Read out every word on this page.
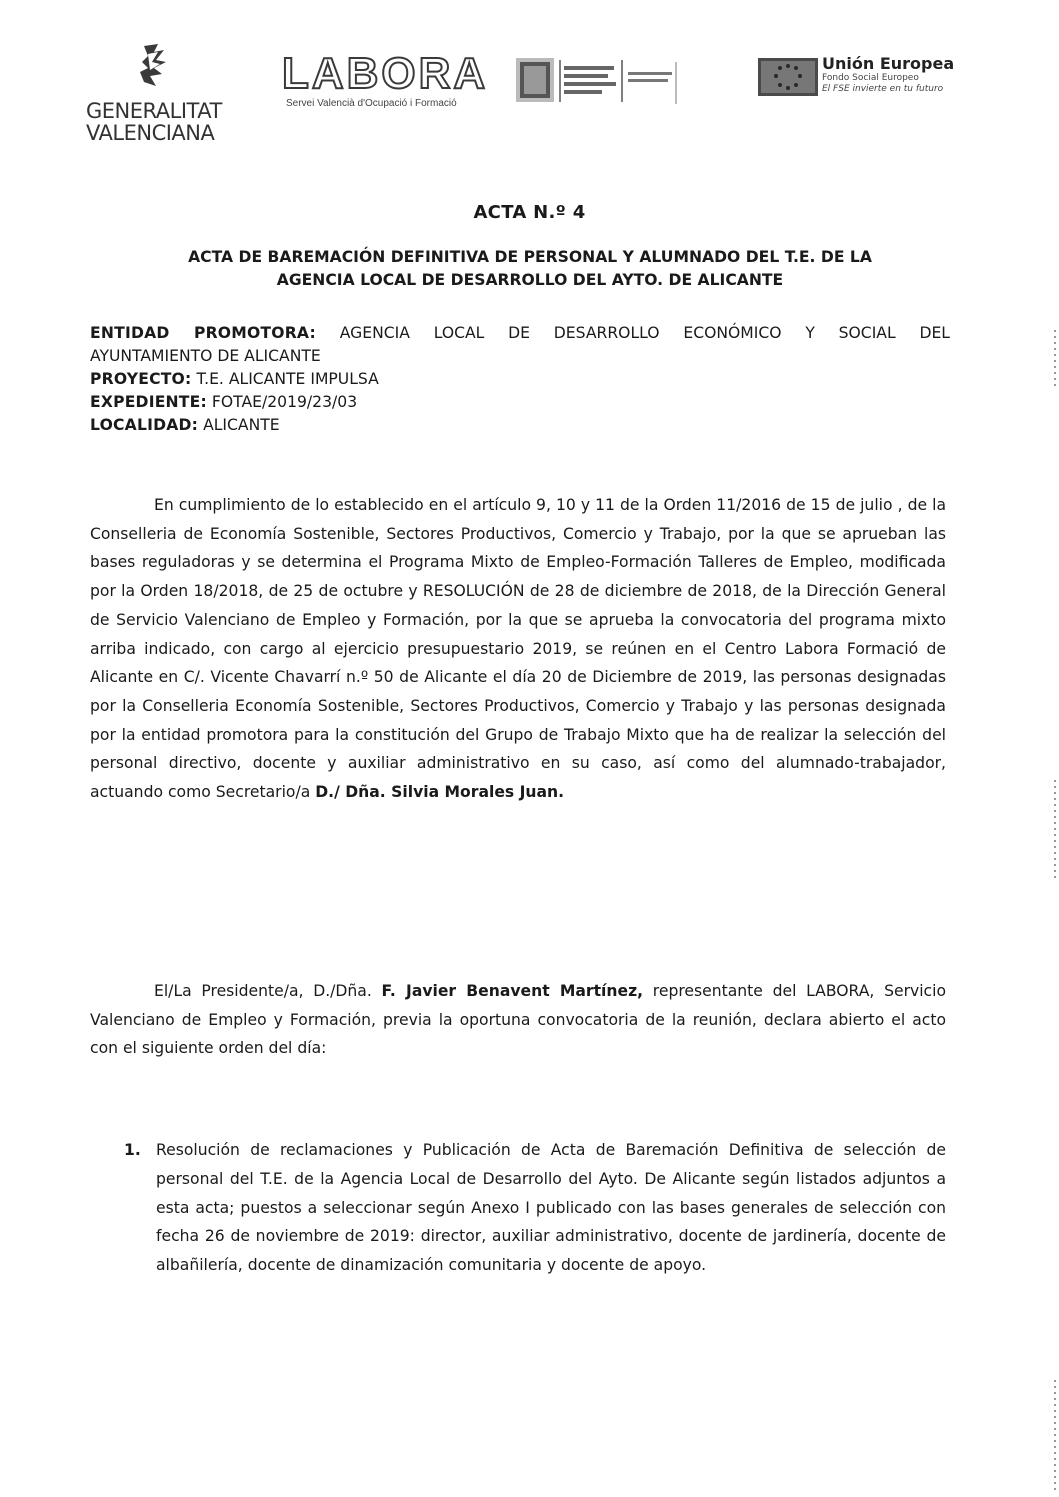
GENERALITAT
VALENCIANA
LABORA
Servei Valencià d'Ocupació i Formació
Unión Europea
Fondo Social Europeo
El FSE invierte en tu futuro
ACTA N.º 4
ACTA DE BAREMACIÓN DEFINITIVA DE PERSONAL Y ALUMNADO DEL T.E. DE LA
AGENCIA LOCAL DE DESARROLLO DEL AYTO. DE ALICANTE
ENTIDAD PROMOTORA: AGENCIA LOCAL DE DESARROLLO ECONÓMICO Y SOCIAL DEL
AYUNTAMIENTO DE ALICANTE
PROYECTO: T.E. ALICANTE IMPULSA
EXPEDIENTE: FOTAE/2019/23/03
LOCALIDAD: ALICANTE
En cumplimiento de lo establecido en el artículo 9, 10 y 11 de la Orden 11/2016 de 15 de julio , de la Conselleria de Economía Sostenible, Sectores Productivos, Comercio y Trabajo, por la que se aprueban las bases reguladoras y se determina el Programa Mixto de Empleo-Formación Talleres de Empleo, modificada por la Orden 18/2018, de 25 de octubre y RESOLUCIÓN de 28 de diciembre de 2018, de la Dirección General de Servicio Valenciano de Empleo y Formación, por la que se aprueba la convocatoria del programa mixto arriba indicado, con cargo al ejercicio presupuestario 2019, se reúnen en el Centro Labora Formació de Alicante en C/. Vicente Chavarrí n.º 50 de Alicante el día 20 de Diciembre de 2019, las personas designadas por la Conselleria Economía Sostenible, Sectores Productivos, Comercio y Trabajo y las personas designada por la entidad promotora para la constitución del Grupo de Trabajo Mixto que ha de realizar la selección del personal directivo, docente y auxiliar administrativo en su caso, así como del alumnado-trabajador, actuando como Secretario/a D./ Dña. Silvia Morales Juan.
El/La Presidente/a, D./Dña. F. Javier Benavent Martínez, representante del LABORA, Servicio Valenciano de Empleo y Formación, previa la oportuna convocatoria de la reunión, declara abierto el acto con el siguiente orden del día:
1. Resolución de reclamaciones y Publicación de Acta de Baremación Definitiva de selección de personal del T.E. de la Agencia Local de Desarrollo del Ayto. De Alicante según listados adjuntos a esta acta; puestos a seleccionar según Anexo I publicado con las bases generales de selección con fecha 26 de noviembre de 2019: director, auxiliar administrativo, docente de jardinería, docente de albañilería, docente de dinamización comunitaria y docente de apoyo.
